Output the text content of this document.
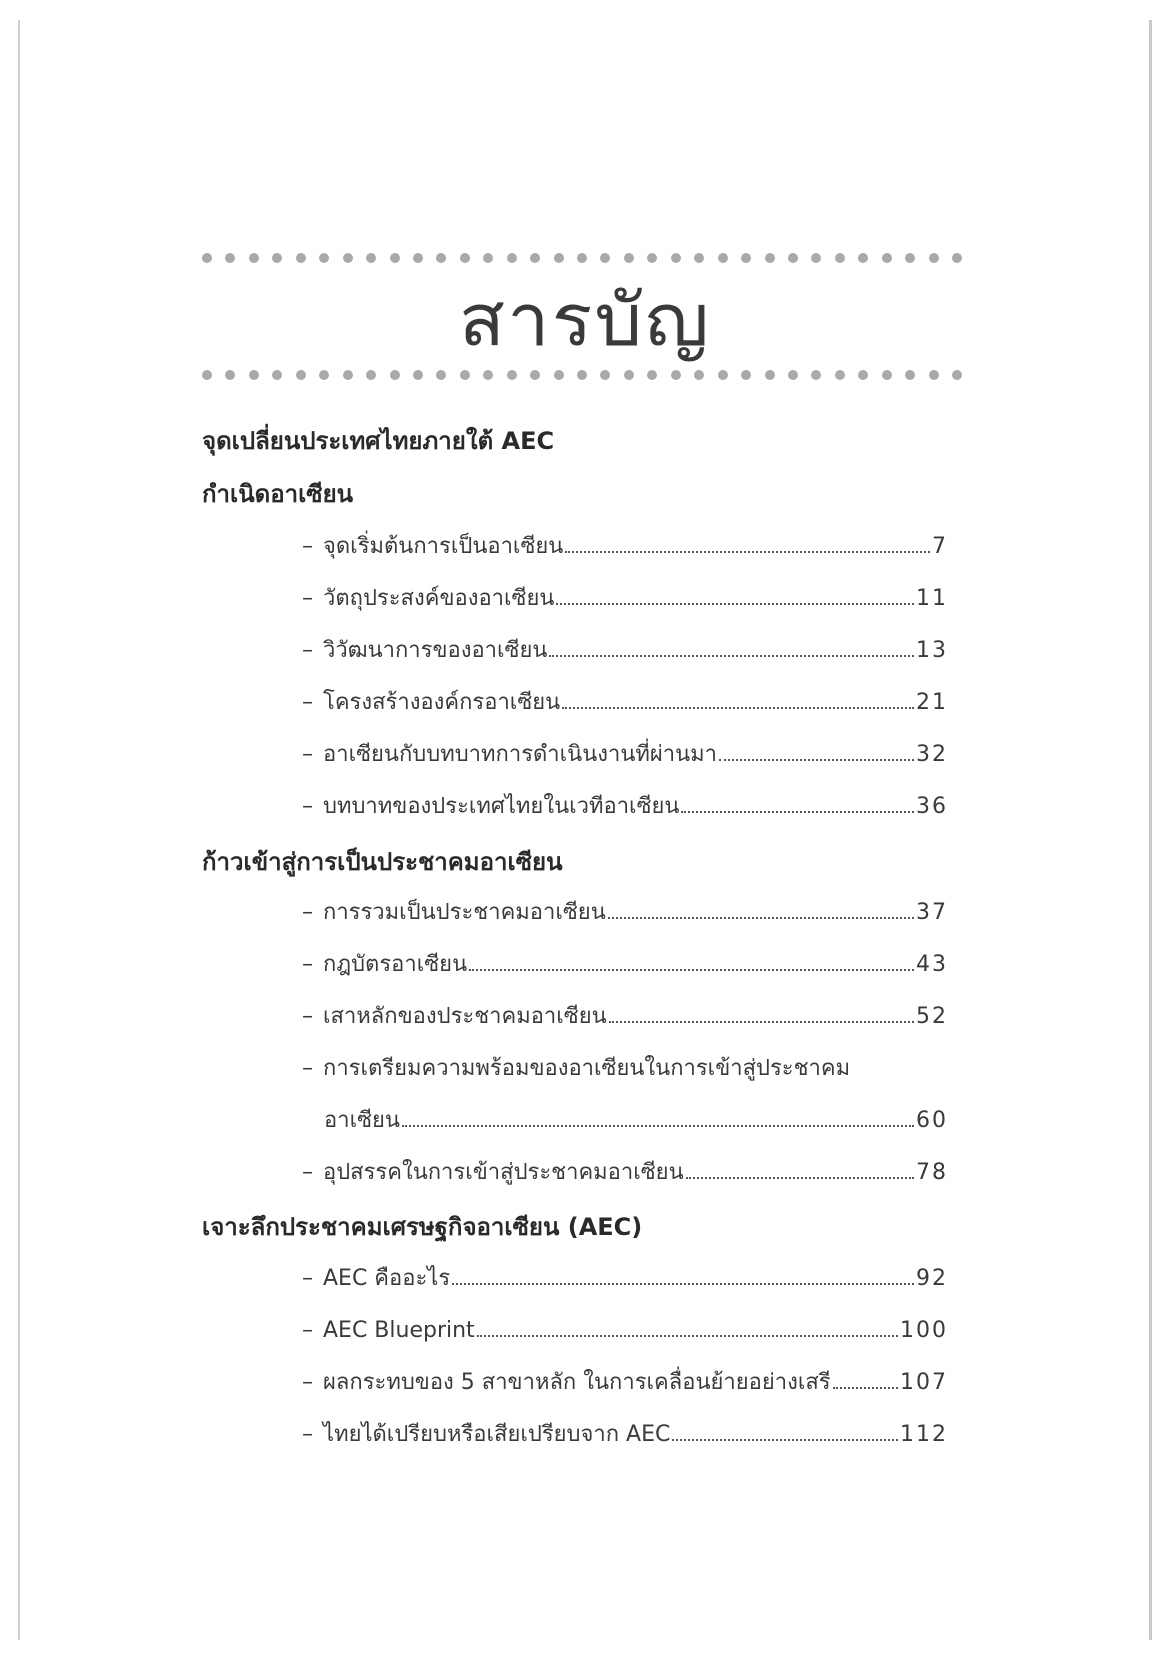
สารบัญ
จุดเปลี่ยนประเทศไทยภายใต้ AEC
กำเนิดอาเซียน
– จุดเริ่มต้นการเป็นอาเซียน	7
– วัตถุประสงค์ของอาเซียน	11
– วิวัฒนาการของอาเซียน	13
– โครงสร้างองค์กรอาเซียน	21
– อาเซียนกับบทบาทการดำเนินงานที่ผ่านมา	32
– บทบาทของประเทศไทยในเวทีอาเซียน	36
ก้าวเข้าสู่การเป็นประชาคมอาเซียน
– การรวมเป็นประชาคมอาเซียน	37
– กฎบัตรอาเซียน	43
– เสาหลักของประชาคมอาเซียน	52
– การเตรียมความพร้อมของอาเซียนในการเข้าสู่ประชาคม
อาเซียน	60
– อุปสรรคในการเข้าสู่ประชาคมอาเซียน	78
เจาะลึกประชาคมเศรษฐกิจอาเซียน (AEC)
– AEC คืออะไร	92
– AEC Blueprint	100
– ผลกระทบของ 5 สาขาหลัก ในการเคลื่อนย้ายอย่างเสรี	107
– ไทยได้เปรียบหรือเสียเปรียบจาก AEC	112
